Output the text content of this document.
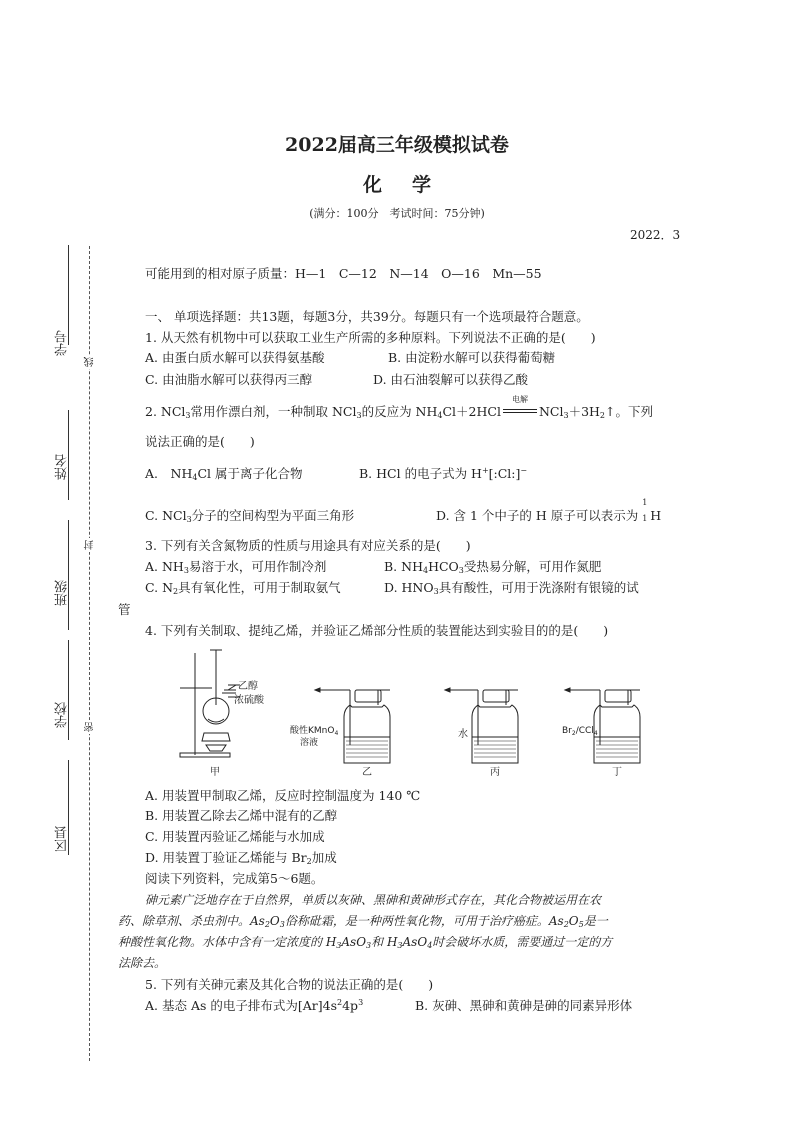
2022届高三年级模拟试卷
化学
(满分：100分　考试时间：75分钟)
2022．3
学号
姓名
班级
学校
区县
线
封
密
可能用到的相对原子质量：H—1　C—12　N—14　O—16　Mn—55
一、 单项选择题：共13题，每题3分，共39分。每题只有一个选项最符合题意。
1. 从天然有机物中可以获取工业生产所需的多种原料。下列说法不正确的是(　　)
A. 由蛋白质水解可以获得氨基酸	B. 由淀粉水解可以获得葡萄糖
C. 由油脂水解可以获得丙三醇	D. 由石油裂解可以获得乙酸
2. NCl$_3$常用作漂白剂，一种制取 NCl$_3$的反应为 $NH_4Cl+2HCl$
电解
$NCl_3+3H_2↑$。下列
说法正确的是(　　)
A.　$NH_4Cl$ 属于离子化合物	B. HCl 的电子式为 H+[:Cl:]−
C. NCl$_3$分子的空间构型为平面三角形	D. 含 1 个中子的 H 原子可以表示为
1
1 H
3. 下列有关含氮物质的性质与用途具有对应关系的是(　　)
A. $NH_3$易溶于水，可用作制冷剂	B. $NH_4HCO_3$受热易分解，可用作氮肥
C. $N_2$具有氧化性，可用于制取氨气	D. $HNO_3$具有酸性，可用于洗涤附有银镜的试
管
4. 下列有关制取、提纯乙烯，并验证乙烯部分性质的装置能达到实验目的的是(　　)
乙醇
浓硫酸
酸性KMnO$_4$
溶液
水	$Br_2/CCl_4$
甲	乙	丙	丁
A. 用装置甲制取乙烯，反应时控制温度为 140 ℃
B. 用装置乙除去乙烯中混有的乙醇
C. 用装置丙验证乙烯能与水加成
D. 用装置丁验证乙烯能与 $Br_2$加成
阅读下列资料，完成第5～6题。
砷元素广泛地存在于自然界，单质以灰砷、黑砷和黄砷形式存在，其化合物被运用在农
药、除草剂、杀虫剂中。$As_2O_3$俗称砒霜，是一种两性氧化物，可用于治疗癌症。$As_2O_5$是一
种酸性氧化物。水体中含有一定浓度的 $H_3AsO_3$和 $H_3AsO_4$时会破坏水质，需要通过一定的方
法除去。
5. 下列有关砷元素及其化合物的说法正确的是(　　)
A. 基态 As 的电子排布式为$[Ar]4s^24p^3$	B. 灰砷、黑砷和黄砷是砷的同素异形体
